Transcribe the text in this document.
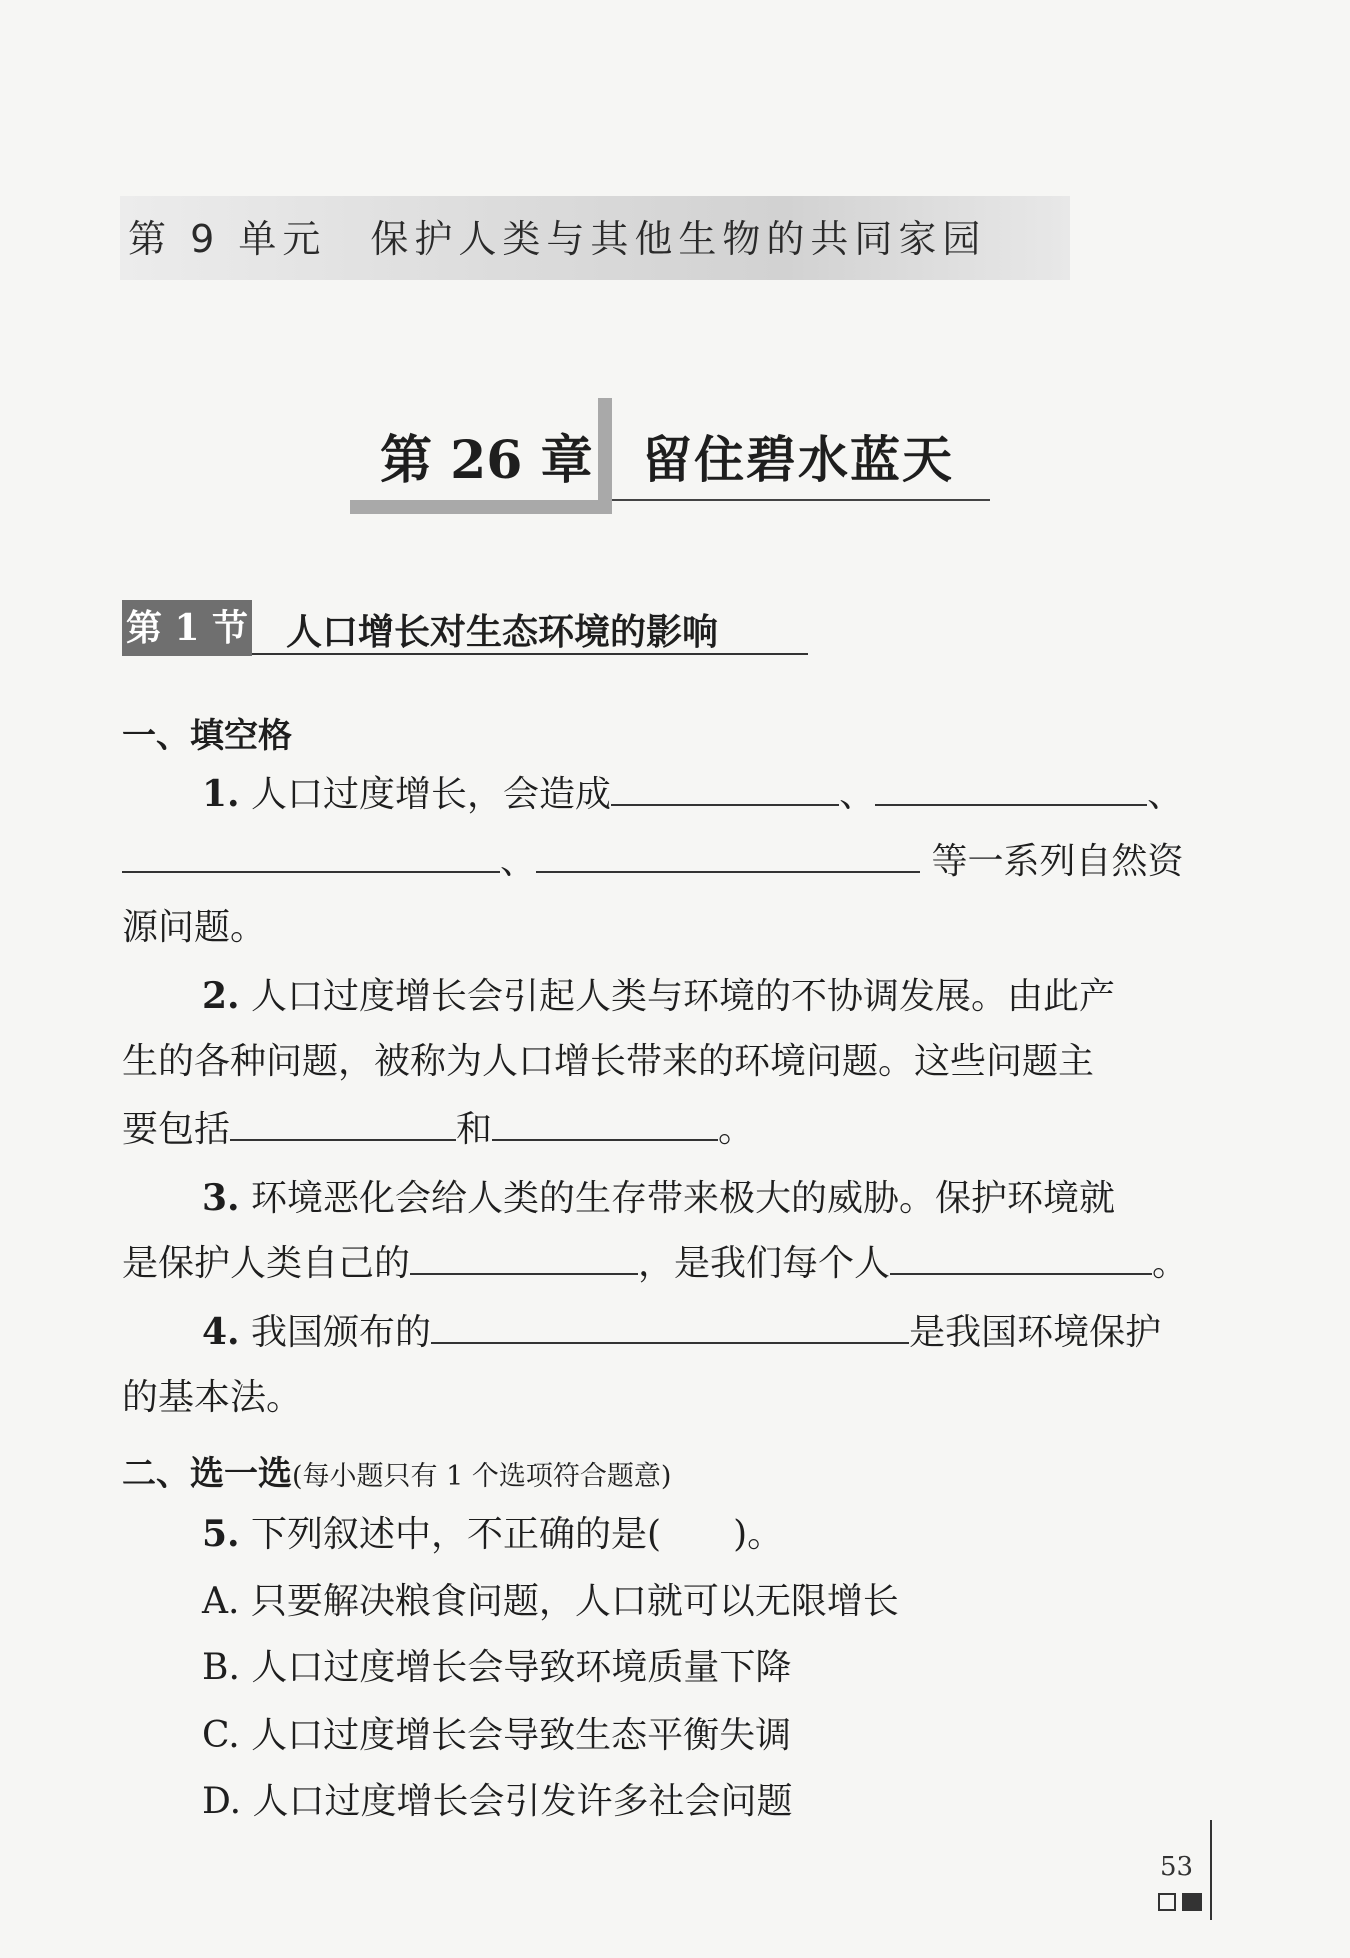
第 9 单元　保护人类与其他生物的共同家园
第 26 章 留住碧水蓝天
第 1 节 人口增长对生态环境的影响
一、填空格
1. 人口过度增长，会造成	、	、
、	等一系列自然资
源问题。
2. 人口过度增长会引起人类与环境的不协调发展。由此产
生的各种问题，被称为人口增长带来的环境问题。这些问题主
要包括	和	。
3. 环境恶化会给人类的生存带来极大的威胁。保护环境就
是保护人类自己的	，是我们每个人	。
4. 我国颁布的	是我国环境保护
的基本法。
二、选一选(每小题只有 1 个选项符合题意)
5. 下列叙述中，不正确的是(　　)。
A. 只要解决粮食问题，人口就可以无限增长
B. 人口过度增长会导致环境质量下降
C. 人口过度增长会导致生态平衡失调
D. 人口过度增长会引发许多社会问题
53
